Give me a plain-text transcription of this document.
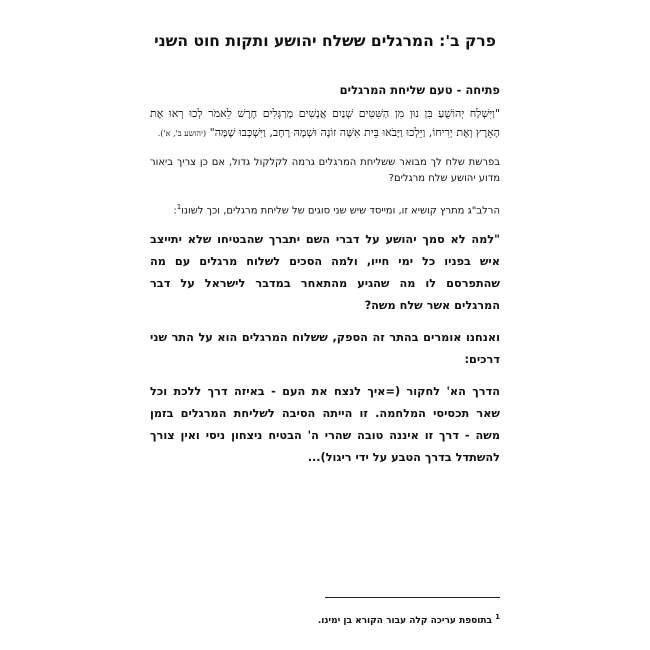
פרק ב': המרגלים ששלח יהושע ותקות חוט השני
פתיחה - טעם שליחת המרגלים
"וַיִּשְׁלַח יְהוֹשֻׁעַ בִּן נוּן מִן הַשִּׁטִּים שְׁנַיִם אֲנָשִׁים מְרַגְּלִים חֶרֶשׁ לֵאמֹר לְכוּ רְאוּ אֶת הָאָרֶץ וְאֶת יְרִיחוֹ, וַיֵּלְכוּ וַיָּבֹאוּ בֵּית אִשָּׁה זוֹנָה וּשְׁמָהּ רָחָב, וַיִּשְׁכְּבוּ שָׁמָּה" (יהושע ב', א').
בפרשת שלח לך מבואר ששליחת המרגלים גרמה לקלקול גדול, אם כן צריך ביאור מדוע יהושע שלח מרגלים?
הרלב"ג מתרץ קושיא זו, ומייסד שיש שני סוגים של שליחת מרגלים, וכך לשונו$^1$:
"למה לא סמך יהושע על דברי השם יתברך שהבטיחו שלא יתייצב איש בפניו כל ימי חייו, ולמה הסכים לשלוח מרגלים עם מה שהתפרסם לו מה שהגיע מהתאחר במדבר לישראל על דבר המרגלים אשר שלח משה?
ואנחנו אומרים בהתר זה הספק, ששלוח המרגלים הוא על התר שני דרכים:
הדרך הא' לחקור (=איך לנצח את העם - באיזה דרך ללכת וכל שאר תכסיסי המלחמה. זו הייתה הסיבה לשליחת המרגלים בזמן משה - דרך זו איננה טובה שהרי ה' הבטיח ניצחון ניסי ואין צורך להשתדל בדרך הטבע על ידי ריגול)...
$^1$ בתוספת עריכה קלה עבור הקורא בן ימינו.
